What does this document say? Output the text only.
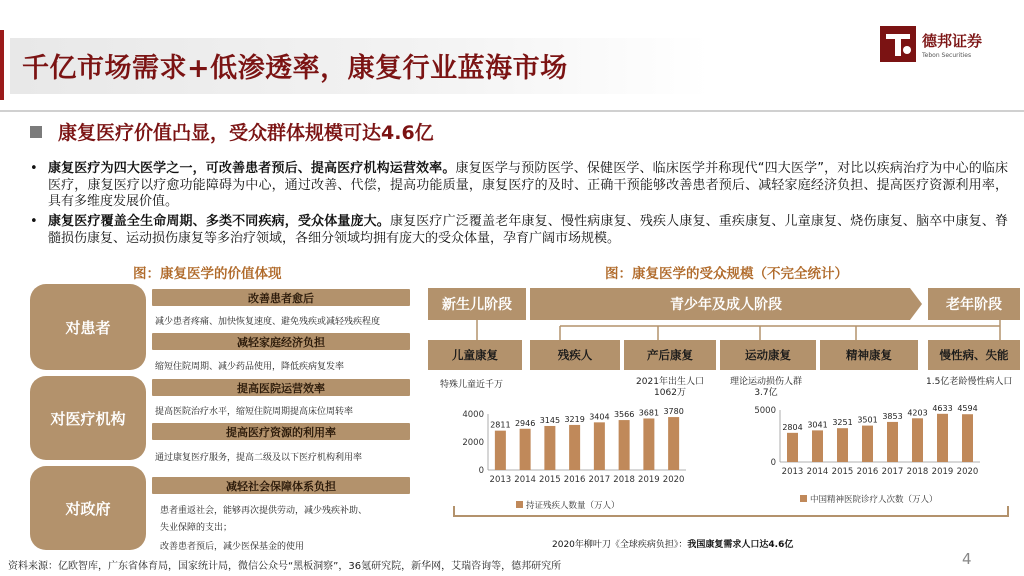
千亿市场需求+低渗透率，康复行业蓝海市场
德邦证券
Tebon Securities
康复医疗价值凸显，受众群体规模可达4.6亿
• 康复医疗为四大医学之一，可改善患者预后、提高医疗机构运营效率。康复医学与预防医学、保健医学、临床医学并称现代“四大医学”，对比以疾病治疗为中心的临床医疗，康复医疗以疗愈功能障碍为中心，通过改善、代偿，提高功能质量，康复医疗的及时、正确干预能够改善患者预后、减轻家庭经济负担、提高医疗资源利用率，具有多维度发展价值。
• 康复医疗覆盖全生命周期、多类不同疾病，受众体量庞大。康复医疗广泛覆盖老年康复、慢性病康复、残疾人康复、重疾康复、儿童康复、烧伤康复、脑卒中康复、脊髓损伤康复、运动损伤康复等多治疗领域，各细分领域均拥有庞大的受众体量，孕育广阔市场规模。
图：康复医学的价值体现	图：康复医学的受众规模（不完全统计）
对患者
改善患者愈后
减少患者疼痛、加快恢复速度、避免残疾或减轻残疾程度
减轻家庭经济负担
缩短住院周期、减少药品使用，降低疾病复发率
对医疗机构
提高医院运营效率
提高医院治疗水平，缩短住院周期提高床位周转率
提高医疗资源的利用率
通过康复医疗服务，提高二级及以下医疗机构利用率
对政府
减轻社会保障体系负担
患者重返社会，能够再次提供劳动，减少残疾补助、
失业保障的支出；
改善患者预后，减少医保基金的使用
新生儿阶段	青少年及成人阶段	老年阶段
儿童康复	残疾人	产后康复	运动康复	精神康复	慢性病、失能
特殊儿童近千万	2021年出生人口
1062万
理论运动损伤人群
3.7亿
1.5亿老龄慢性病人口
0
2000
4000
2811
2013
2946
2014
3145
2015
3219
2016
3404
2017
3566
2018
3681
2019
3780
2020
持证残疾人数量（万人）
0
5000
2804
2013
3041
2014
3251
2015
3501
2016
3853
2017
4203
2018
4633
2019
4594
2020
中国精神医院诊疗人次数（万人）
2020年柳叶刀《全球疾病负担》：我国康复需求人口达4.6亿
资料来源：亿欧智库，广东省体育局，国家统计局，微信公众号“黑板洞察”，36氪研究院，新华网，艾瑞咨询等，德邦研究所	4
